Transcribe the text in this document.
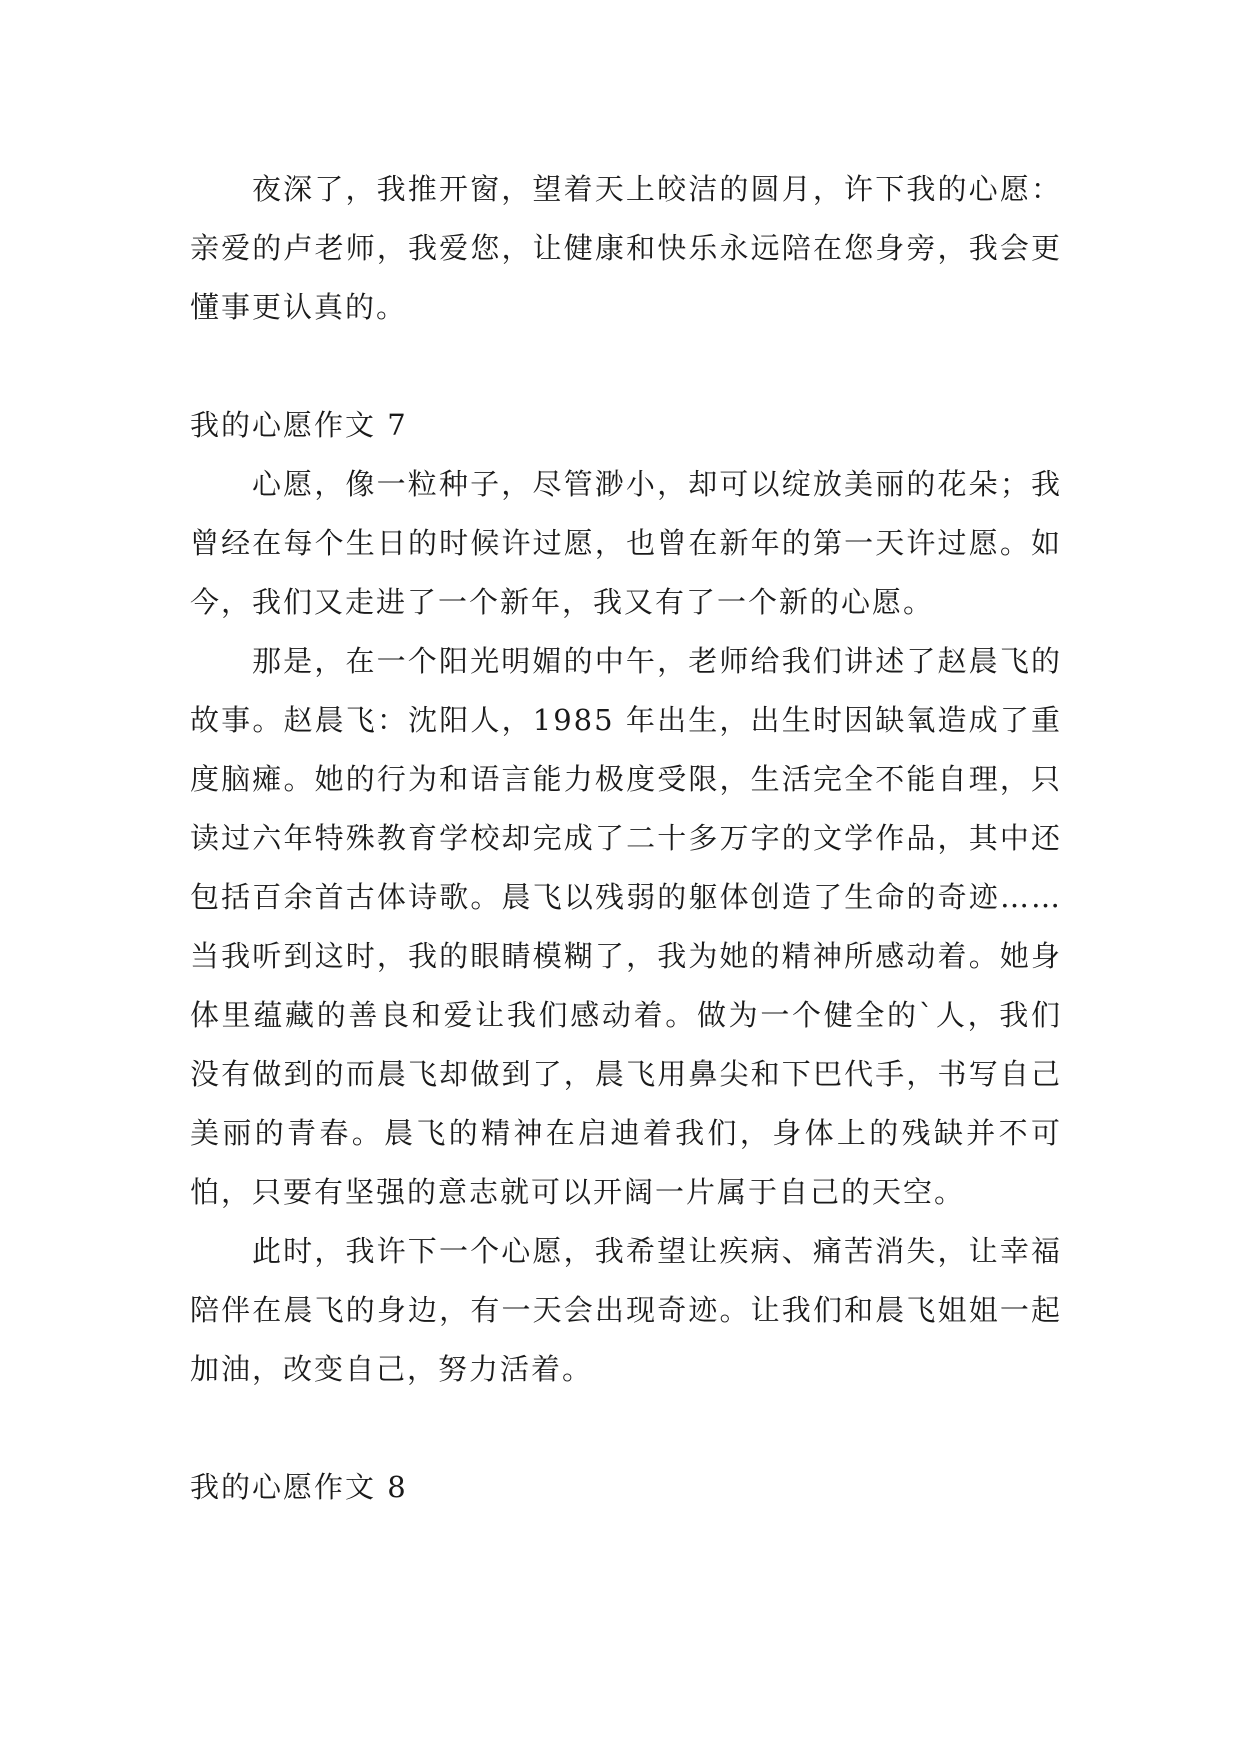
夜深了，我推开窗，望着天上皎洁的圆月，许下我的心愿：亲爱的卢老师，我爱您，让健康和快乐永远陪在您身旁，我会更懂事更认真的。

我的心愿作文 7

心愿，像一粒种子，尽管渺小，却可以绽放美丽的花朵；我曾经在每个生日的时候许过愿，也曾在新年的第一天许过愿。如今，我们又走进了一个新年，我又有了一个新的心愿。

那是，在一个阳光明媚的中午，老师给我们讲述了赵晨飞的故事。赵晨飞：沈阳人，1985 年出生，出生时因缺氧造成了重度脑瘫。她的行为和语言能力极度受限，生活完全不能自理，只读过六年特殊教育学校却完成了二十多万字的文学作品，其中还包括百余首古体诗歌。晨飞以残弱的躯体创造了生命的奇迹……当我听到这时，我的眼睛模糊了，我为她的精神所感动着。她身体里蕴藏的善良和爱让我们感动着。做为一个健全的`人，我们没有做到的而晨飞却做到了，晨飞用鼻尖和下巴代手，书写自己美丽的青春。晨飞的精神在启迪着我们，身体上的残缺并不可怕，只要有坚强的意志就可以开阔一片属于自己的天空。

此时，我许下一个心愿，我希望让疾病、痛苦消失，让幸福陪伴在晨飞的身边，有一天会出现奇迹。让我们和晨飞姐姐一起加油，改变自己，努力活着。

我的心愿作文 8
